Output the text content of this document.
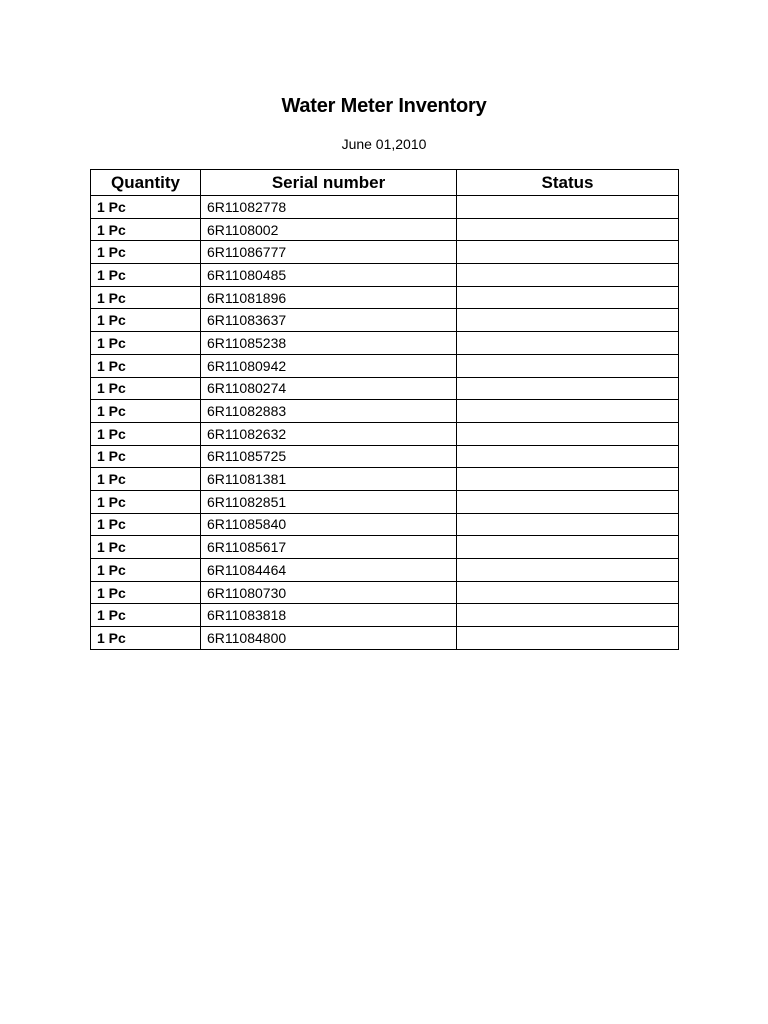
Water Meter Inventory
June 01,2010
Quantity	Serial number	Status
1 Pc	6R11082778	
1 Pc	6R1108002	
1 Pc	6R11086777	
1 Pc	6R11080485	
1 Pc	6R11081896	
1 Pc	6R11083637	
1 Pc	6R11085238	
1 Pc	6R11080942	
1 Pc	6R11080274	
1 Pc	6R11082883	
1 Pc	6R11082632	
1 Pc	6R11085725	
1 Pc	6R11081381	
1 Pc	6R11082851	
1 Pc	6R11085840	
1 Pc	6R11085617	
1 Pc	6R11084464	
1 Pc	6R11080730	
1 Pc	6R11083818	
1 Pc	6R11084800	
